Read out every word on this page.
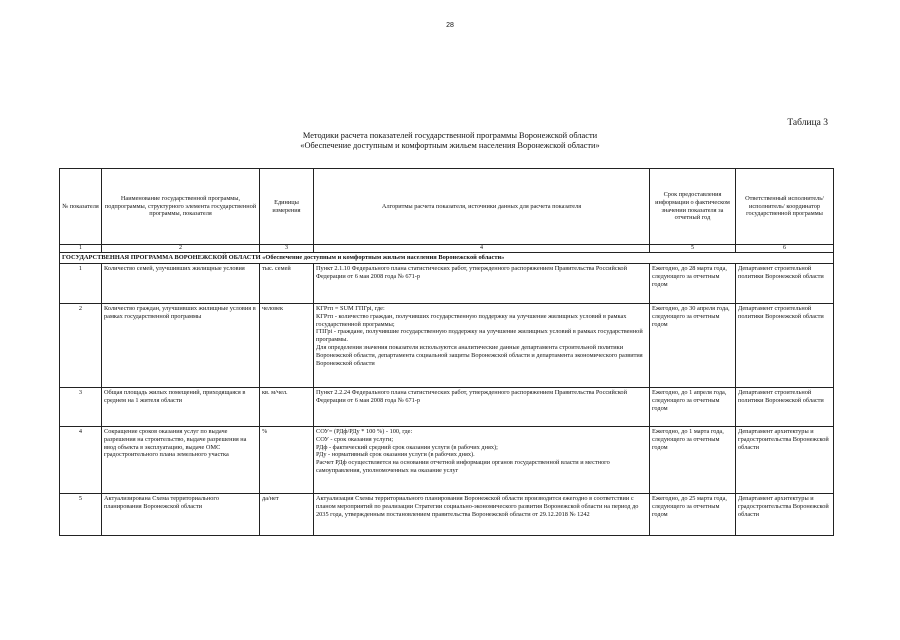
28
Таблица 3
Методики расчета показателей государственной программы Воронежской области
«Обеспечение доступным и комфортным жильем населения Воронежской области»
№ показателя	Наименование государственной программы, подпрограммы, структурного элемента государственной программы, показателя	Единицы измерения	Алгоритмы расчета показателя, источники данных для расчета показателя	Срок предоставления информации о фактическом значении показателя за отчетный год	Ответственный исполнитель/исполнитель/ координатор государственной программы
1	2	3	4	5	6
ГОСУДАРСТВЕННАЯ ПРОГРАММА ВОРОНЕЖСКОЙ ОБЛАСТИ «Обеспечение доступным и комфортным жильем населения Воронежской области»					
1	Количество семей, улучшивших жилищные условия	тыс. семей	Пункт 2.1.10 Федерального плана статистических работ, утвержденного распоряжением Правительства Российской Федерации от 6 мая 2008 года № 671-р	Ежегодно, до 28 марта года, следующего за отчетным годом	Департамент строительной политики Воронежской области
2	Количество граждан, улучшивших жилищные условия в рамках государственной программы	человек	КГРгп = SUM ГПГрi, где:
КГРгп - количество граждан, получивших государственную поддержку на улучшение жилищных условий в рамках государственной программы;
ГПГрi - граждане, получившие государственную поддержку на улучшение жилищных условий в рамках государственной программы.
Для определения значения показателя используются аналитические данные департамента строительной политики Воронежской области, департамента социальной защиты Воронежской области и департамента экономического развития Воронежской области	Ежегодно, до 30 апреля года, следующего за отчетным годом	Департамент строительной политики Воронежской области
3	Общая площадь жилых помещений, приходящаяся в среднем на 1 жителя области	кв. м/чел.	Пункт 2.2.24 Федерального плана статистических работ, утвержденного распоряжением Правительства Российской Федерации от 6 мая 2008 года № 671-р	Ежегодно, до 1 апреля года, следующего за отчетным годом	Департамент строительной политики Воронежской области
4	Сокращение сроков оказания услуг по выдаче разрешения на строительство, выдаче разрешения на ввод объекта в эксплуатацию, выдаче ОМС градостроительного плана земельного участка	%	СОУ= (РДф/РДу * 100 %) - 100, где:
СОУ - срок оказания услуги;
РДф - фактический средний срок оказания услуги (в рабочих днях);
РДу - нормативный срок оказания услуги (в рабочих днях).
Расчет РДф осуществляется на основании отчетной информации органов государственной власти и местного самоуправления, уполномоченных на оказание услуг	Ежегодно, до 1 марта года, следующего за отчетным годом	Департамент архитектуры и градостроительства Воронежской области
5	Актуализирована Схема территориального планирования Воронежской области	да/нет	Актуализация Схемы территориального планирования Воронежской области производится ежегодно в соответствии с планом мероприятий по реализации Стратегии социально-экономического развития Воронежской области на период до 2035 года, утвержденным постановлением правительства Воронежской области от 29.12.2018 № 1242	Ежегодно, до 25 марта года, следующего за отчетным годом	Департамент архитектуры и градостроительства Воронежской области
